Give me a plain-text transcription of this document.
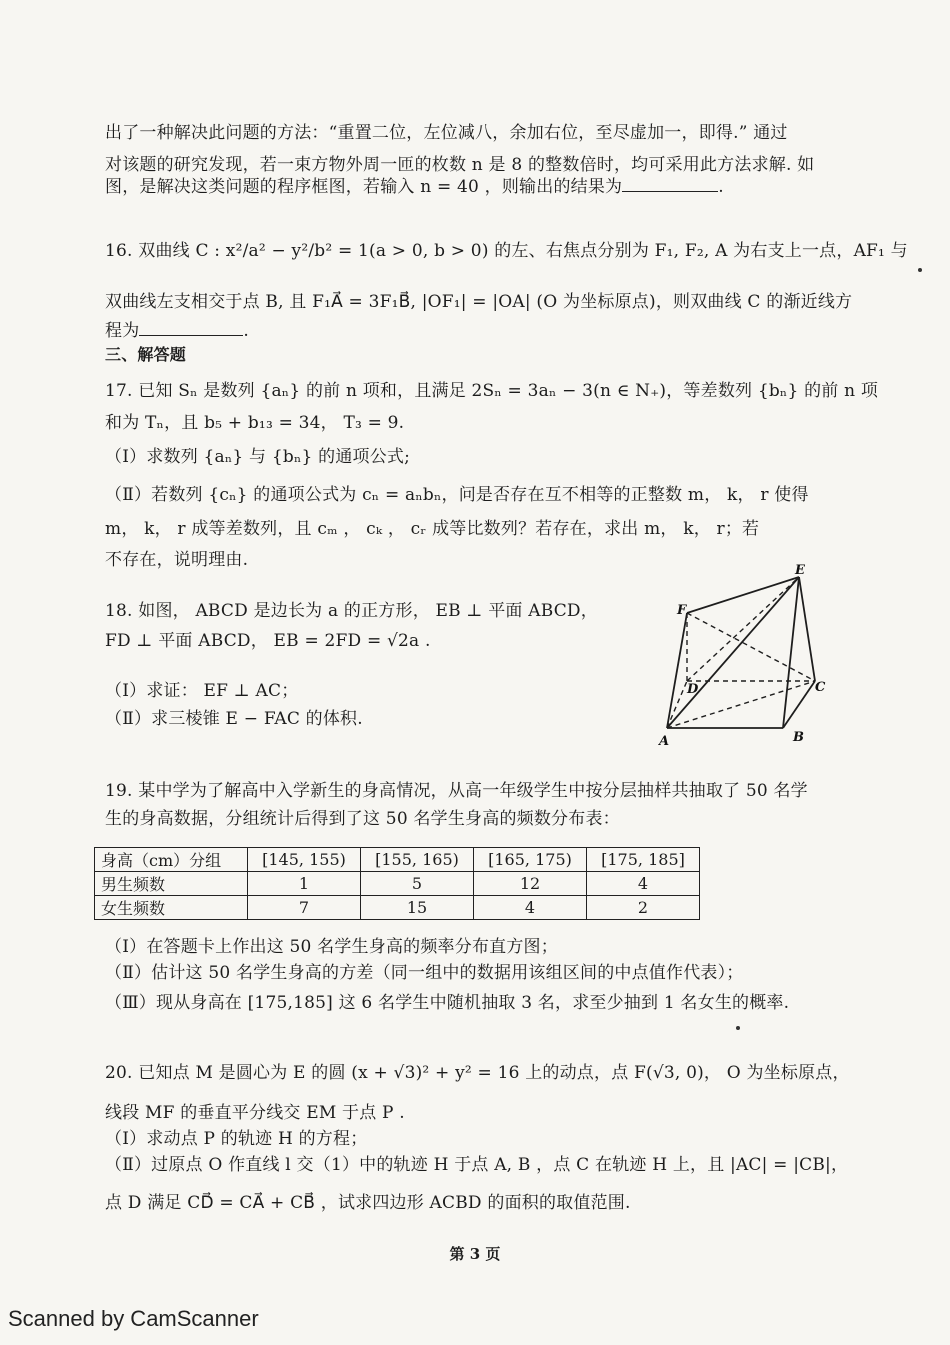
出了一种解决此问题的方法：“重置二位，左位减八，余加右位，至尽虚加一，即得.” 通过
对该题的研究发现，若一束方物外周一匝的枚数 n 是 8 的整数倍时，均可采用此方法求解. 如
图，是解决这类问题的程序框图，若输入 n = 40 ，则输出的结果为	.
16. 双曲线 C : x²/a² − y²/b² = 1(a > 0, b > 0) 的左、右焦点分别为 F₁, F₂, A 为右支上一点，AF₁ 与
双曲线左支相交于点 B, 且 F₁A⃗ = 3F₁B⃗, |OF₁| = |OA| (O 为坐标原点)，则双曲线 C 的渐近线方
程为	.
三、解答题
17. 已知 Sₙ 是数列 {aₙ} 的前 n 项和，且满足 2Sₙ = 3aₙ − 3(n ∈ N₊)，等差数列 {bₙ} 的前 n 项
和为 Tₙ，且 b₅ + b₁₃ = 34， T₃ = 9.
（Ⅰ）求数列 {aₙ} 与 {bₙ} 的通项公式;
（Ⅱ）若数列 {cₙ} 的通项公式为 cₙ = aₙbₙ，问是否存在互不相等的正整数 m， k， r 使得
m， k， r 成等差数列，且 cₘ ， cₖ ， cᵣ 成等比数列？若存在，求出 m， k， r；若
不存在，说明理由.
18. 如图， ABCD 是边长为 a 的正方形， EB ⊥ 平面 ABCD，
FD ⊥ 平面 ABCD， EB = 2FD = √2a .
（Ⅰ）求证： EF ⊥ AC；
（Ⅱ）求三棱锥 E − FAC 的体积.
E
F
D	C
A	B
19. 某中学为了解高中入学新生的身高情况，从高一年级学生中按分层抽样共抽取了 50 名学
生的身高数据，分组统计后得到了这 50 名学生身高的频数分布表：
身高（cm）分组	[145, 155)	[155, 165)	[165, 175)	[175, 185]
男生频数	1	5	12	4
女生频数	7	15	4	2
（Ⅰ）在答题卡上作出这 50 名学生身高的频率分布直方图；
（Ⅱ）估计这 50 名学生身高的方差（同一组中的数据用该组区间的中点值作代表）；
（Ⅲ）现从身高在 [175,185] 这 6 名学生中随机抽取 3 名，求至少抽到 1 名女生的概率.
20. 已知点 M 是圆心为 E 的圆 (x + √3)² + y² = 16 上的动点，点 F(√3, 0)， O 为坐标原点，
线段 MF 的垂直平分线交 EM 于点 P .
（Ⅰ）求动点 P 的轨迹 H 的方程；
（Ⅱ）过原点 O 作直线 l 交（1）中的轨迹 H 于点 A, B ，点 C 在轨迹 H 上，且 |AC| = |CB|，
点 D 满足 CD⃗ = CA⃗ + CB⃗ ，试求四边形 ACBD 的面积的取值范围.
第 3 页
Scanned by CamScanner
